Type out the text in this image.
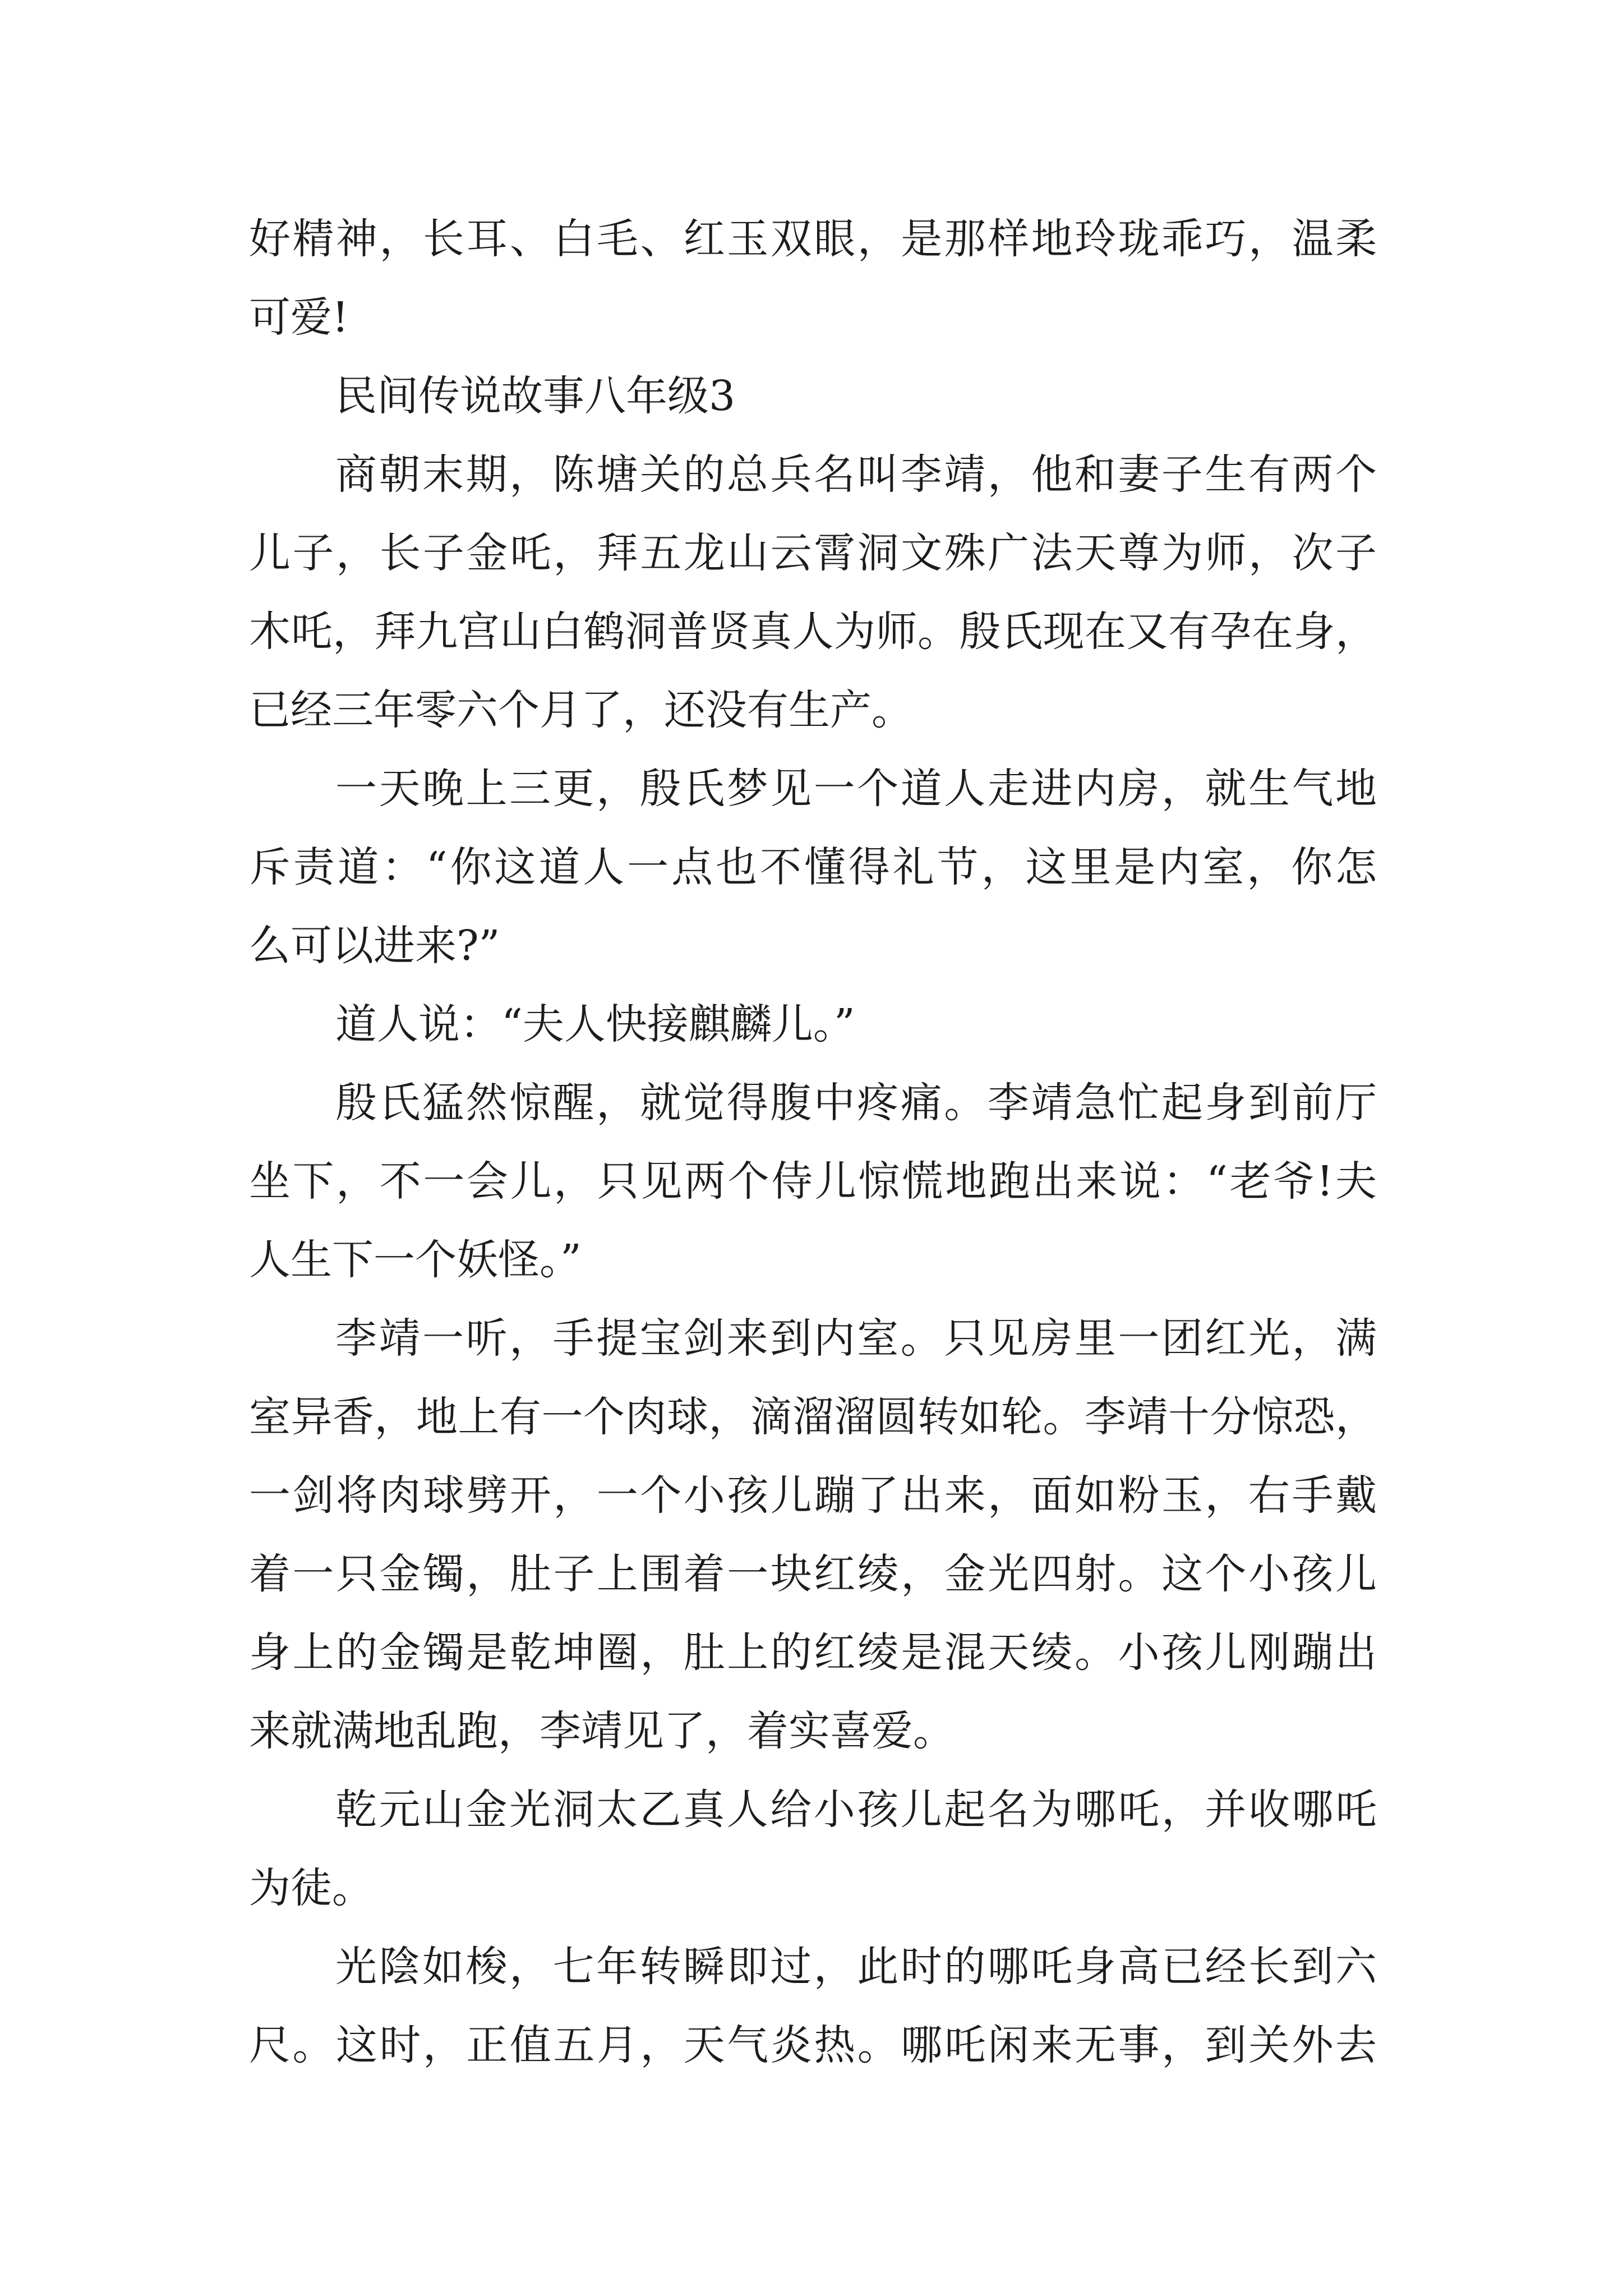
好精神，长耳、白毛、红玉双眼，是那样地玲珑乖巧，温柔
可爱!
民间传说故事八年级3
商朝末期，陈塘关的总兵名叫李靖，他和妻子生有两个
儿子，长子金吒，拜五龙山云霄洞文殊广法天尊为师，次子
木吒，拜九宫山白鹤洞普贤真人为师。殷氏现在又有孕在身，
已经三年零六个月了，还没有生产。
一天晚上三更，殷氏梦见一个道人走进内房，就生气地
斥责道：“你这道人一点也不懂得礼节，这里是内室，你怎
么可以进来?”
道人说：“夫人快接麒麟儿。”
殷氏猛然惊醒，就觉得腹中疼痛。李靖急忙起身到前厅
坐下，不一会儿，只见两个侍儿惊慌地跑出来说：“老爷!夫
人生下一个妖怪。”
李靖一听，手提宝剑来到内室。只见房里一团红光，满
室异香，地上有一个肉球，滴溜溜圆转如轮。李靖十分惊恐，
一剑将肉球劈开，一个小孩儿蹦了出来，面如粉玉，右手戴
着一只金镯，肚子上围着一块红绫，金光四射。这个小孩儿
身上的金镯是乾坤圈，肚上的红绫是混天绫。小孩儿刚蹦出
来就满地乱跑，李靖见了，着实喜爱。
乾元山金光洞太乙真人给小孩儿起名为哪吒，并收哪吒
为徒。
光陰如梭，七年转瞬即过，此时的哪吒身高已经长到六
尺。这时，正值五月，天气炎热。哪吒闲来无事，到关外去
